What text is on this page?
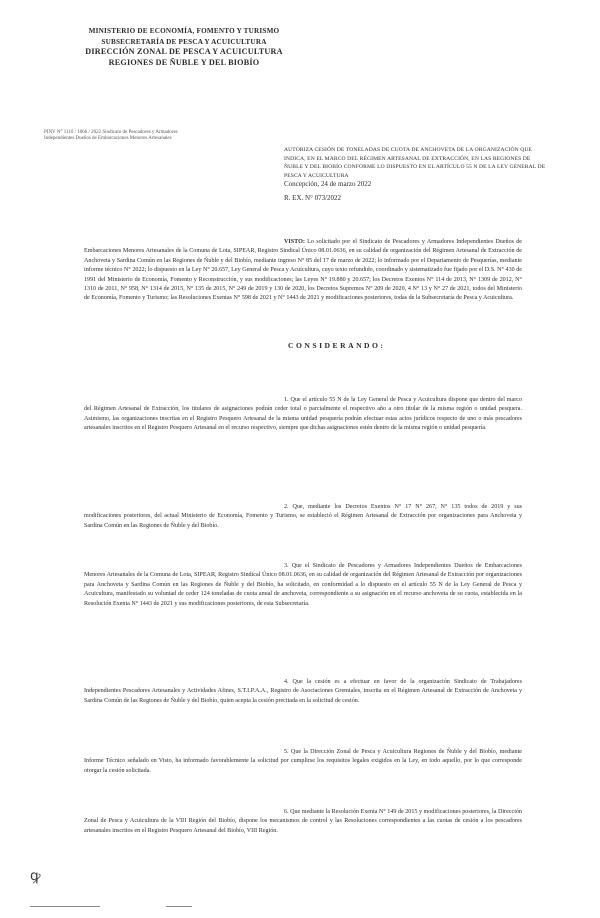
MINISTERIO DE ECONOMÍA, FOMENTO Y TURISMO
SUBSECRETARÍA DE PESCA Y ACUICULTURA
DIRECCIÓN ZONAL DE PESCA Y ACUICULTURA
REGIONES DE ÑUBLE Y DEL BIOBÍO
PINV N° 1110 / 1066 / 2022 Sindicato de Pescadores y Armadores
Independientes Dueños de Embarcaciones Menores Artesanales
AUTORIZA CESIÓN DE TONELADAS DE CUOTA DE ANCHOVETA DE LA ORGANIZACIÓN QUE INDICA, EN EL MARCO DEL RÉGIMEN ARTESANAL DE EXTRACCIÓN, EN LAS REGIONES DE ÑUBLE Y DEL BIOBÍO CONFORME LO DISPUESTO EN EL ARTÍCULO 55 N DE LA LEY GENERAL DE PESCA Y ACUICULTURA
Concepción, 24 de marzo 2022
R. EX. N° 073/2022
VISTO: Lo solicitado por el Sindicato de Pescadores y Armadores Independientes Dueños de Embarcaciones Menores Artesanales de la Comuna de Lota, SIPEAR, Registro Sindical Único 08.01.0636, en su calidad de organización del Régimen Artesanal de Extracción de Anchoveta y Sardina Común en las Regiones de Ñuble y del Biobío, mediante ingreso N° 85 del 17 de marzo de 2022; lo informado por el Departamento de Pesquerías, mediante informe técnico N° 2022; lo dispuesto en la Ley N° 20.657, Ley General de Pesca y Acuicultura, cuyo texto refundido, coordinado y sistematizado fue fijado por el D.S. N° 430 de 1991 del Ministerio de Economía, Fomento y Reconstrucción, y sus modificaciones; las Leyes N° 19.880 y 20.657; los Decretos Exentos N° 114 de 2013, N° 1309 de 2012, N° 1310 de 2011, N° 958, N° 1314 de 2015, N° 135 de 2015, N° 249 de 2019 y 130 de 2020, los Decretos Supremos N° 209 de 2020, 4 N° 13 y N° 27 de 2021, todos del Ministerio de Economía, Fomento y Turismo; las Resoluciones Exentas N° 598 de 2021 y N° 1443 de 2021 y modificaciones posteriores, todas de la Subsecretaría de Pesca y Acuicultura.
CONSIDERANDO:
1. Que el artículo 55 N de la Ley General de Pesca y Acuicultura dispone que dentro del marco del Régimen Artesanal de Extracción, los titulares de asignaciones podrán ceder total o parcialmente el respectivo año a otro titular de la misma región o unidad pesquera. Asimismo, las organizaciones inscritas en el Registro Pesquero Artesanal de la misma unidad pesquería podrán efectuar estas actos jurídicos respecto de uno o más pescadores artesanales inscritos en el Registro Pesquero Artesanal en el recurso respectivo, siempre que dichas asignaciones estén dentro de la misma región o unidad pesquería.
2. Que, mediante los Decretos Exentos N° 17 N° 267, N° 135 todos de 2019 y sus modificaciones posteriores, del actual Ministerio de Economía, Fomento y Turismo, se estableció el Régimen Artesanal de Extracción por organizaciones para Anchoveta y Sardina Común en las Regiones de Ñuble y del Biobío.
3. Que el Sindicato de Pescadores y Armadores Independientes Dueños de Embarcaciones Menores Artesanales de la Comuna de Lota, SIPEAR, Registro Sindical Único 08.01.0636, en su calidad de organización del Régimen Artesanal de Extracción por organizaciones para Anchoveta y Sardina Común en las Regiones de Ñuble y del Biobío, ha solicitado, en conformidad a lo dispuesto en el artículo 55 N de la Ley General de Pesca y Acuicultura, manifestado su voluntad de ceder 124 toneladas de cuota anual de anchoveta, correspondiente a su asignación en el recurso anchoveta de su cuota, establecida en la Resolución Exenta N° 1443 de 2021 y sus modificaciones posteriores, de esta Subsecretaría.
4. Que la cesión es a efectuar en favor de la organización Sindicato de Trabajadores Independientes Pescadores Artesanales y Actividades Afines, S.T.I.P.A.A., Registro de Asociaciones Gremiales, inscrita en el Régimen Artesanal de Extracción de Anchoveta y Sardina Común de las Regiones de Ñuble y del Biobío, quien acepta la cesión precitada en la solicitud de cesión.
5. Que la Dirección Zonal de Pesca y Acuicultura Regiones de Ñuble y del Biobío, mediante Informe Técnico señalado en Visto, ha informado favorablemente la solicitud por cumplirse los requisitos legales exigidos en la Ley, en todo aquello, por lo que corresponde otorgar la cesión solicitada.
6. Que mediante la Resolución Exenta N° 149 de 2015 y modificaciones posteriores, la Dirección Zonal de Pesca y Acuicultura de la VIII Región del Biobío, dispone los mecanismos de control y las Resoluciones correspondientes a las cuotas de cesión a los pescadores artesanales inscritos en el Registro Pesquero Artesanal del Biobío, VIII Región.
ꝙ
